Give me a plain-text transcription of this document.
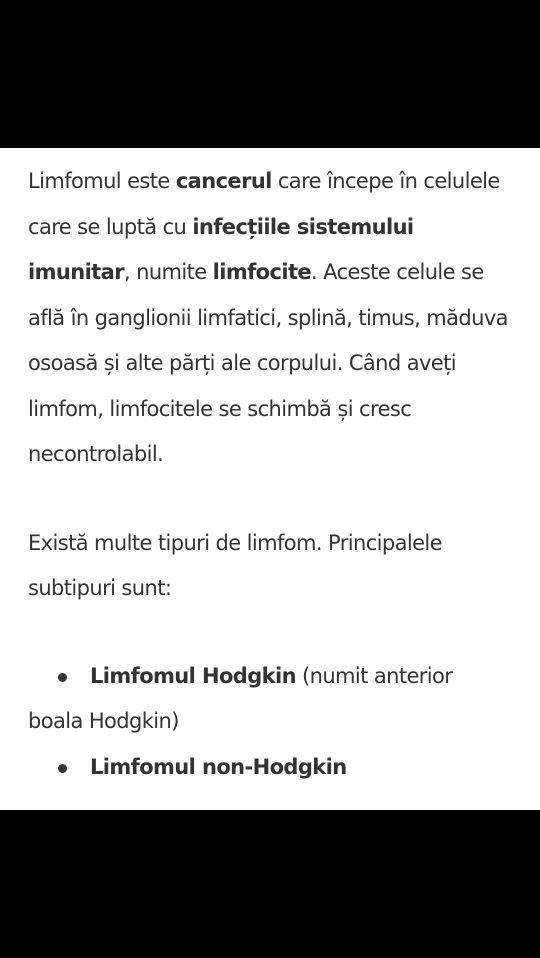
Limfomul este cancerul care începe în celulele care se luptă cu infecțiile sistemului imunitar, numite limfocite. Aceste celule se află în ganglionii limfatici, splină, timus, măduva osoasă și alte părți ale corpului. Când aveți limfom, limfocitele se schimbă și cresc necontrolabil.

Există multe tipuri de limfom. Principalele subtipuri sunt:

Limfomul Hodgkin (numit anterior
boala Hodgkin)
Limfomul non-Hodgkin
